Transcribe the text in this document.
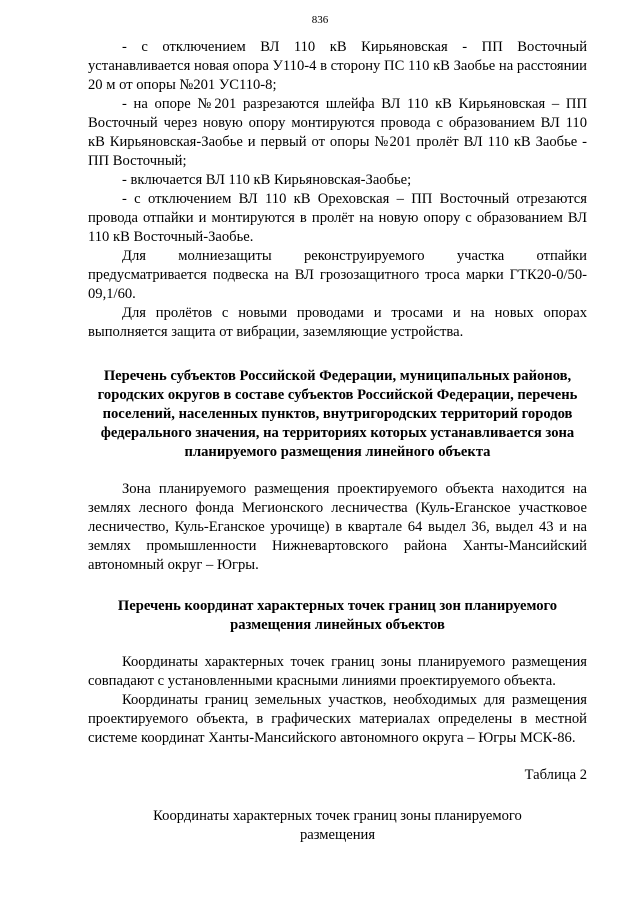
836

- с отключением ВЛ 110 кВ Кирьяновская - ПП Восточный устанавливается новая опора У110-4 в сторону ПС 110 кВ Заобье на расстоянии 20 м от опоры №201 УС110-8;

- на опоре №201 разрезаются шлейфа ВЛ 110 кВ Кирьяновская – ПП Восточный через новую опору монтируются провода с образованием ВЛ 110 кВ Кирьяновская-Заобье и первый от опоры №201 пролёт ВЛ 110 кВ Заобье - ПП Восточный;

- включается ВЛ 110 кВ Кирьяновская-Заобье;

- с отключением ВЛ 110 кВ Ореховская – ПП Восточный отрезаются провода отпайки и монтируются в пролёт на новую опору с образованием ВЛ 110 кВ Восточный-Заобье.

Для молниезащиты реконструируемого участка отпайки предусматривается подвеска на ВЛ грозозащитного троса марки ГТК20-0/50-09,1/60.

Для пролётов с новыми проводами и тросами и на новых опорах выполняется защита от вибрации, заземляющие устройства.

Перечень субъектов Российской Федерации, муниципальных районов, городских округов в составе субъектов Российской Федерации, перечень поселений, населенных пунктов, внутригородских территорий городов федерального значения, на территориях которых устанавливается зона планируемого размещения линейного объекта

Зона планируемого размещения проектируемого объекта находится на землях лесного фонда Мегионского лесничества (Куль-Еганское участковое лесничество, Куль-Еганское урочище) в квартале 64 выдел 36, выдел 43 и на землях промышленности Нижневартовского района Ханты-Мансийский автономный округ – Югры.

Перечень координат характерных точек границ зон планируемого размещения линейных объектов

Координаты характерных точек границ зоны планируемого размещения совпадают с установленными красными линиями проектируемого объекта.

Координаты границ земельных участков, необходимых для размещения проектируемого объекта, в графических материалах определены в местной системе координат Ханты-Мансийского автономного округа – Югры МСК-86.

Таблица 2
Координаты характерных точек границ зоны планируемого размещения
